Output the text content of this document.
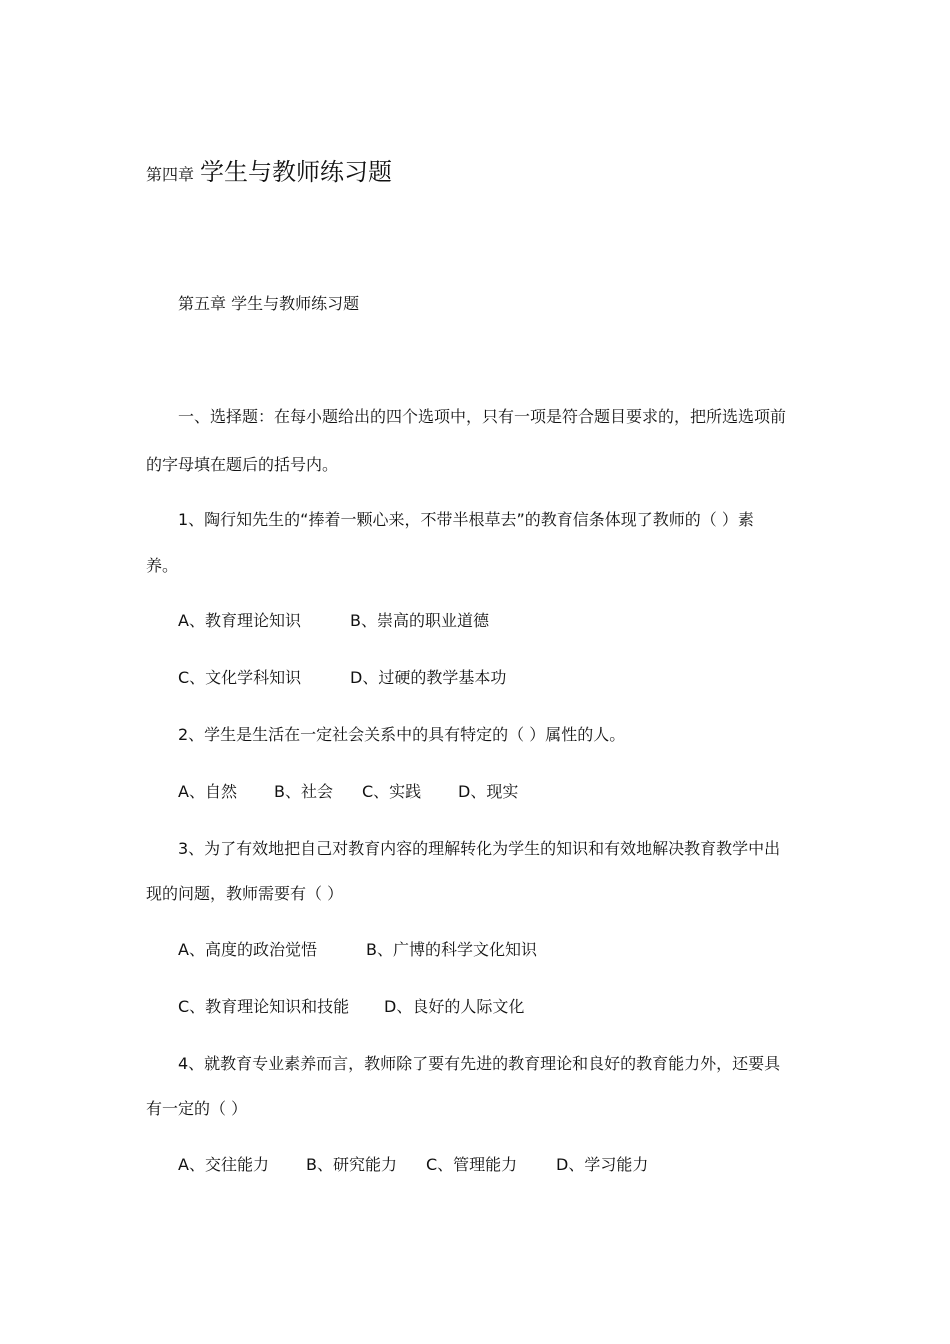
第四章 学生与教师练习题
第五章 学生与教师练习题
一、选择题：在每小题给出的四个选项中，只有一项是符合题目要求的，把所选选项前
的字母填在题后的括号内。
1、陶行知先生的“捧着一颗心来，不带半根草去”的教育信条体现了教师的（ ）素
养。
A、教育理论知识	B、崇高的职业道德
C、文化学科知识	D、过硬的教学基本功
2、学生是生活在一定社会关系中的具有特定的（ ）属性的人。
A、自然 B、社会 C、实践 D、现实
3、为了有效地把自己对教育内容的理解转化为学生的知识和有效地解决教育教学中出
现的问题，教师需要有（ ）
A、高度的政治觉悟	B、广博的科学文化知识
C、教育理论知识和技能 D、良好的人际文化
4、就教育专业素养而言，教师除了要有先进的教育理论和良好的教育能力外，还要具
有一定的（ ）
A、交往能力 B、研究能力 C、管理能力 D、学习能力
